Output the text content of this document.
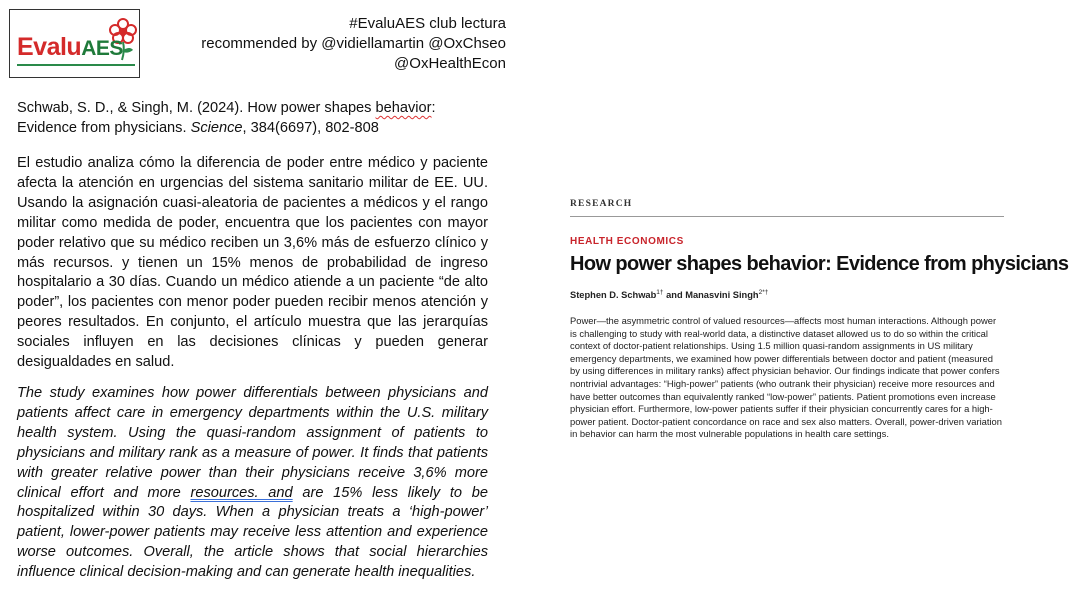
EvaluAES
#EvaluAES club lectura
recommended by @vidiellamartin @OxChseo
@OxHealthEcon
Schwab, S. D., & Singh, M. (2024). How power shapes behavior: Evidence from physicians. Science, 384(6697), 802-808
El estudio analiza cómo la diferencia de poder entre médico y paciente afecta la atención en urgencias del sistema sanitario militar de EE. UU. Usando la asignación cuasi-aleatoria de pacientes a médicos y el rango militar como medida de poder, encuentra que los pacientes con mayor poder relativo que su médico reciben un 3,6% más de esfuerzo clínico y más recursos. y tienen un 15% menos de probabilidad de ingreso hospitalario a 30 días. Cuando un médico atiende a un paciente “de alto poder”, los pacientes con menor poder pueden recibir menos atención y peores resultados. En conjunto, el artículo muestra que las jerarquías sociales influyen en las decisiones clínicas y pueden generar desigualdades en salud.
The study examines how power differentials between physicians and patients affect care in emergency departments within the U.S. military health system. Using the quasi-random assignment of patients to physicians and military rank as a measure of power. It finds that patients with greater relative power than their physicians receive 3,6% more clinical effort and more resources. and are 15% less likely to be hospitalized within 30 days. When a physician treats a ‘high-power’ patient, lower-power patients may receive less attention and experience worse outcomes. Overall, the article shows that social hierarchies influence clinical decision-making and can generate health inequalities.
RESEARCH
HEALTH ECONOMICS
How power shapes behavior: Evidence from physicians
Stephen D. Schwab$^{1\dagger}$ and Manasvini Singh$^{2*\dagger}$
Power—the asymmetric control of valued resources—affects most human interactions. Although power is challenging to study with real-world data, a distinctive dataset allowed us to do so within the critical context of doctor-patient relationships. Using 1.5 million quasi-random assignments in US military emergency departments, we examined how power differentials between doctor and patient (measured by using differences in military ranks) affect physician behavior. Our findings indicate that power confers nontrivial advantages: “High-power” patients (who outrank their physician) receive more resources and have better outcomes than equivalently ranked “low-power” patients. Patient promotions even increase physician effort. Furthermore, low-power patients suffer if their physician concurrently cares for a high-power patient. Doctor-patient concordance on race and sex also matters. Overall, power-driven variation in behavior can harm the most vulnerable populations in health care settings.
